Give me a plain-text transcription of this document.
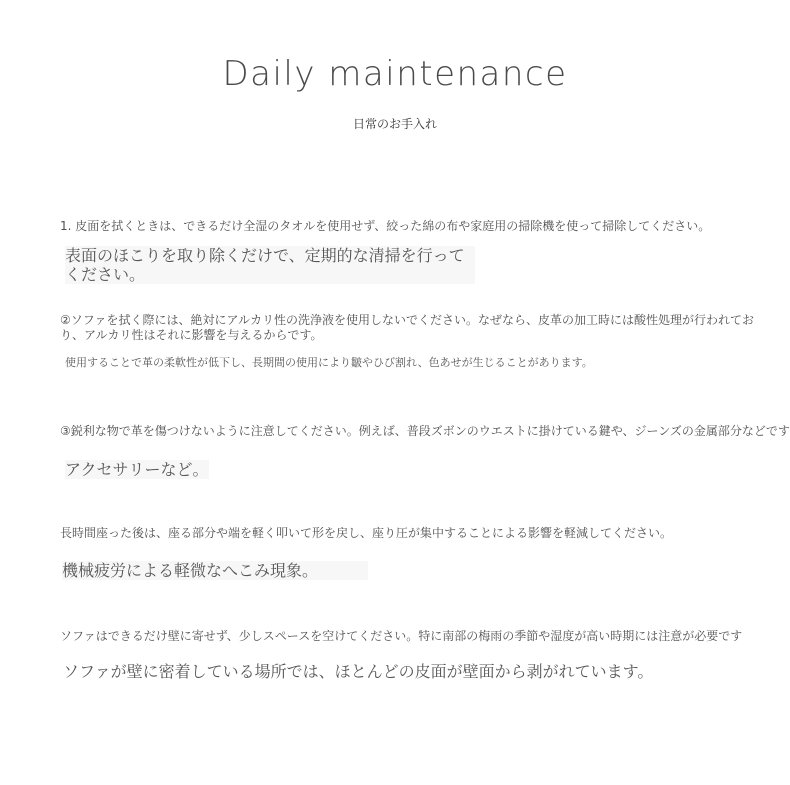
Daily maintenance
日常のお手入れ
1. 皮面を拭くときは、できるだけ全湿のタオルを使用せず、絞った綿の布や家庭用の掃除機を使って掃除してください。
表面のほこりを取り除くだけで、定期的な清掃を行って
ください。
②ソファを拭く際には、絶対にアルカリ性の洗浄液を使用しないでください。なぜなら、皮革の加工時には酸性処理が行われており、アルカリ性はそれに影響を与えるからです。
使用することで革の柔軟性が低下し、長期間の使用により皺やひび割れ、色あせが生じることがあります。
③鋭利な物で革を傷つけないように注意してください。例えば、普段ズボンのウエストに掛けている鍵や、ジーンズの金属部分などです
アクセサリーなど。
長時間座った後は、座る部分や端を軽く叩いて形を戻し、座り圧が集中することによる影響を軽減してください。
機械疲労による軽微なへこみ現象。
ソファはできるだけ壁に寄せず、少しスペースを空けてください。特に南部の梅雨の季節や湿度が高い時期には注意が必要です
ソファが壁に密着している場所では、ほとんどの皮面が壁面から剥がれています。
